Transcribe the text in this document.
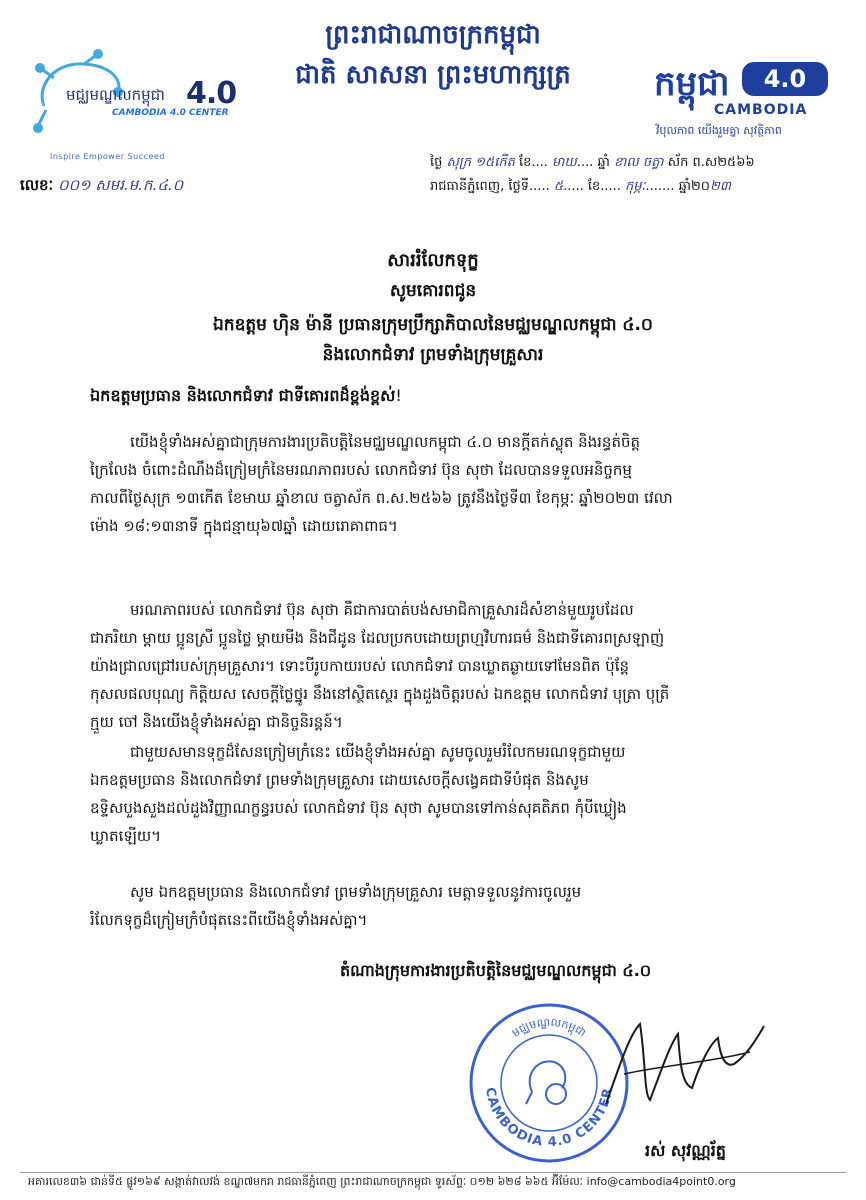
មជ្ឈមណ្ឌលកម្ពុជា 4.0
CAMBODIA 4.0 CENTER
Inspire Empower Succeed
ព្រះរាជាណាចក្រកម្ពុជា
ជាតិ សាសនា ព្រះមហាក្សត្រ	កម្ពុជា	4.0
CAMBODIA
វិបុលភាព យើងរួមគ្នា សុវត្ថិភាព
ថ្ងៃ សុក្រ ១៥កើត ខែ.... មាឃ.... ឆ្នាំ ខាល ចត្វា ស័ក ព.ស២៥៦៦
រាជធានីភ្នំពេញ, ថ្ងៃទី..... ៥..... ខែ..... កុម្ភៈ....... ឆ្នាំ២០២៣
លេខៈ ០០១ សមរ.ម.ក.៤.០
សាររំលែកទុក្ខ
សូមគោរពជូន
ឯកឧត្តម ហ៊ិន ម៉ានី ប្រធានក្រុមប្រឹក្សាភិបាលនៃមជ្ឈមណ្ឌលកម្ពុជា ៤.០
និងលោកជំទាវ ព្រមទាំងក្រុមគ្រួសារ
ឯកឧត្តមប្រធាន និងលោកជំទាវ ជាទីគោរពដ៏ខ្ពង់ខ្ពស់!

យើងខ្ញុំទាំងអស់គ្នាជាក្រុមការងារប្រតិបត្តិនៃមជ្ឈមណ្ឌលកម្ពុជា ៤.០ មានក្ដីតក់ស្លុត និងរន្ធត់ចិត្ត
ក្រៃលែង ចំពោះដំណឹងដ៏ក្រៀមក្រំនៃមរណភាពរបស់ លោកជំទាវ ប៊ុន សុថា ដែលបានទទួលអនិច្ចកម្ម
កាលពីថ្ងៃសុក្រ ១៣កើត ខែមាឃ ឆ្នាំខាល ចត្វាស័ក ព.ស.២៥៦៦ ត្រូវនឹងថ្ងៃទី៣ ខែកុម្ភៈ ឆ្នាំ២០២៣ វេលា
ម៉ោង ១៨:១៣នាទី ក្នុងជន្មាយុ៦៧ឆ្នាំ ដោយរោគាពាធ។

មរណភាពរបស់ លោកជំទាវ ប៊ុន សុថា គឺជាការបាត់បង់សមាជិកាគ្រួសារដ៏សំខាន់មួយរូបដែល
ជាភរិយា ម្ដាយ ប្អូនស្រី ប្អូនថ្លៃ ម្ដាយមីង និងជីដូន ដែលប្រកបដោយព្រហ្មវិហារធម៌ និងជាទីគោរពស្រឡាញ់
យ៉ាងជ្រាលជ្រៅរបស់ក្រុមគ្រួសារ។ ទោះបីរូបកាយរបស់ លោកជំទាវ បានឃ្លាតឆ្ងាយទៅមែនពិត ប៉ុន្តែ
កុសលផលបុណ្យ កិត្តិយស សេចក្ដីថ្លៃថ្នូរ នឹងនៅស្ថិតស្ថេរ ក្នុងដួងចិត្តរបស់ ឯកឧត្តម លោកជំទាវ បុត្រា បុត្រី
ក្មួយ ចៅ និងយើងខ្ញុំទាំងអស់គ្នា ជានិច្ចនិរន្តន៍។

ជាមួយសមានទុក្ខដ៏សែនក្រៀមក្រំនេះ យើងខ្ញុំទាំងអស់គ្នា សូមចូលរួមរំលែកមរណទុក្ខជាមួយ
ឯកឧត្តមប្រធាន និងលោកជំទាវ ព្រមទាំងក្រុមគ្រួសារ ដោយសេចក្ដីសង្វេគជាទីបំផុត និងសូម
ឧទ្ទិសបួងសួងដល់ដួងវិញ្ញាណក្ខន្ធរបស់ លោកជំទាវ ប៊ុន សុថា សូមបានទៅកាន់សុគតិភព កុំបីឃ្លៀង
ឃ្លាតឡើយ។

សូម ឯកឧត្តមប្រធាន និងលោកជំទាវ ព្រមទាំងក្រុមគ្រួសារ មេត្តាទទួលនូវការចូលរួម
រំលែកទុក្ខដ៏ក្រៀមក្រំបំផុតនេះពីយើងខ្ញុំទាំងអស់គ្នា។

តំណាងក្រុមការងារប្រតិបត្តិនៃមជ្ឈមណ្ឌលកម្ពុជា ៤.០
CAMBODIA 4.0 CENTER
មជ្ឈមណ្ឌលកម្ពុជា
រស់ សុវណ្ណរ័ត្ន
អគារលេខ៣៦ ជាន់ទី៥ ផ្លូវ១៦៩ សង្កាត់វាលវង់ ខណ្ឌ៧មករា រាជធានីភ្នំពេញ ព្រះរាជាណាចក្រកម្ពុជា ទូរស័ព្ទៈ ០១២ ៦២៨ ៦៦៥ អ៊ីម៉ែលៈ info@cambodia4point0.org
